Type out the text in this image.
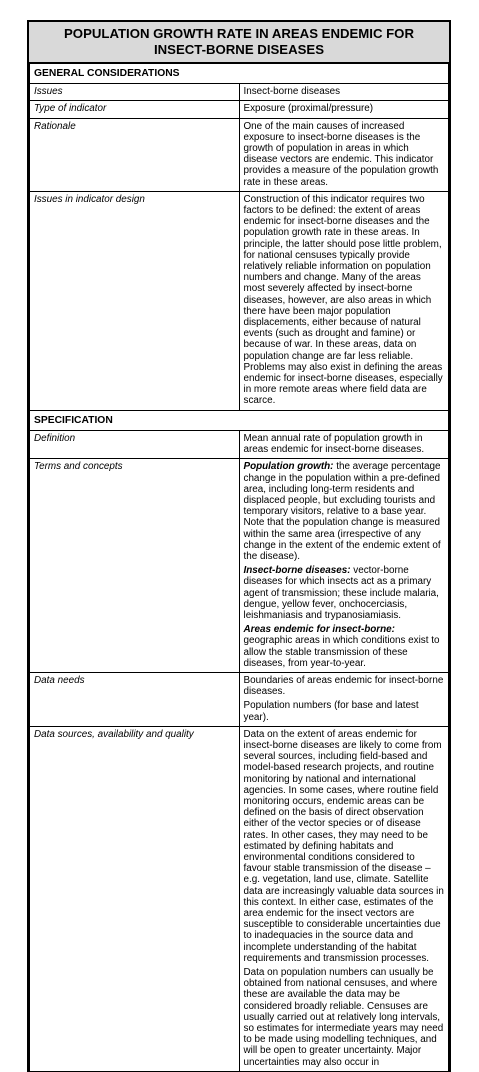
POPULATION GROWTH RATE IN AREAS ENDEMIC FOR INSECT-BORNE DISEASES
GENERAL CONSIDERATIONS	
Issues	Insect-borne diseases
Type of indicator	Exposure (proximal/pressure)
Rationale	One of the main causes of increased exposure to insect-borne diseases is the growth of population in areas in which disease vectors are endemic. This indicator provides a measure of the population growth rate in these areas.
Issues in indicator design	Construction of this indicator requires two factors to be defined: the extent of areas endemic for insect-borne diseases and the population growth rate in these areas. In principle, the latter should pose little problem, for national censuses typically provide relatively reliable information on population numbers and change. Many of the areas most severely affected by insect-borne diseases, however, are also areas in which there have been major population displacements, either because of natural events (such as drought and famine) or because of war. In these areas, data on population change are far less reliable. Problems may also exist in defining the areas endemic for insect-borne diseases, especially in more remote areas where field data are scarce.
SPECIFICATION	
Definition	Mean annual rate of population growth in areas endemic for insect-borne diseases.
Terms and concepts	Population growth: the average percentage change in the population within a pre-defined area, including long-term residents and displaced people, but excluding tourists and temporary visitors, relative to a base year. Note that the population change is measured within the same area (irrespective of any change in the extent of the endemic extent of the disease).

Insect-borne diseases: vector-borne diseases for which insects act as a primary agent of transmission; these include malaria, dengue, yellow fever, onchocerciasis, leishmaniasis and trypanosiamiasis.

Areas endemic for insect-borne: geographic areas in which conditions exist to allow the stable transmission of these diseases, from year-to-year.

Data needs	Boundaries of areas endemic for insect-borne diseases.

Population numbers (for base and latest year).

Data sources, availability and quality	Data on the extent of areas endemic for insect-borne diseases are likely to come from several sources, including field-based and model-based research projects, and routine monitoring by national and international agencies. In some cases, where routine field monitoring occurs, endemic areas can be defined on the basis of direct observation either of the vector species or of disease rates. In other cases, they may need to be estimated by defining habitats and environmental conditions considered to favour stable transmission of the disease – e.g. vegetation, land use, climate. Satellite data are increasingly valuable data sources in this context. In either case, estimates of the area endemic for the insect vectors are susceptible to considerable uncertainties due to inadequacies in the source data and incomplete understanding of the habitat requirements and transmission processes.

Data on population numbers can usually be obtained from national censuses, and where these are available the data may be considered broadly reliable. Censuses are usually carried out at relatively long intervals, so estimates for intermediate years may need to be made using modelling techniques, and will be open to greater uncertainty. Major uncertainties may also occur in
